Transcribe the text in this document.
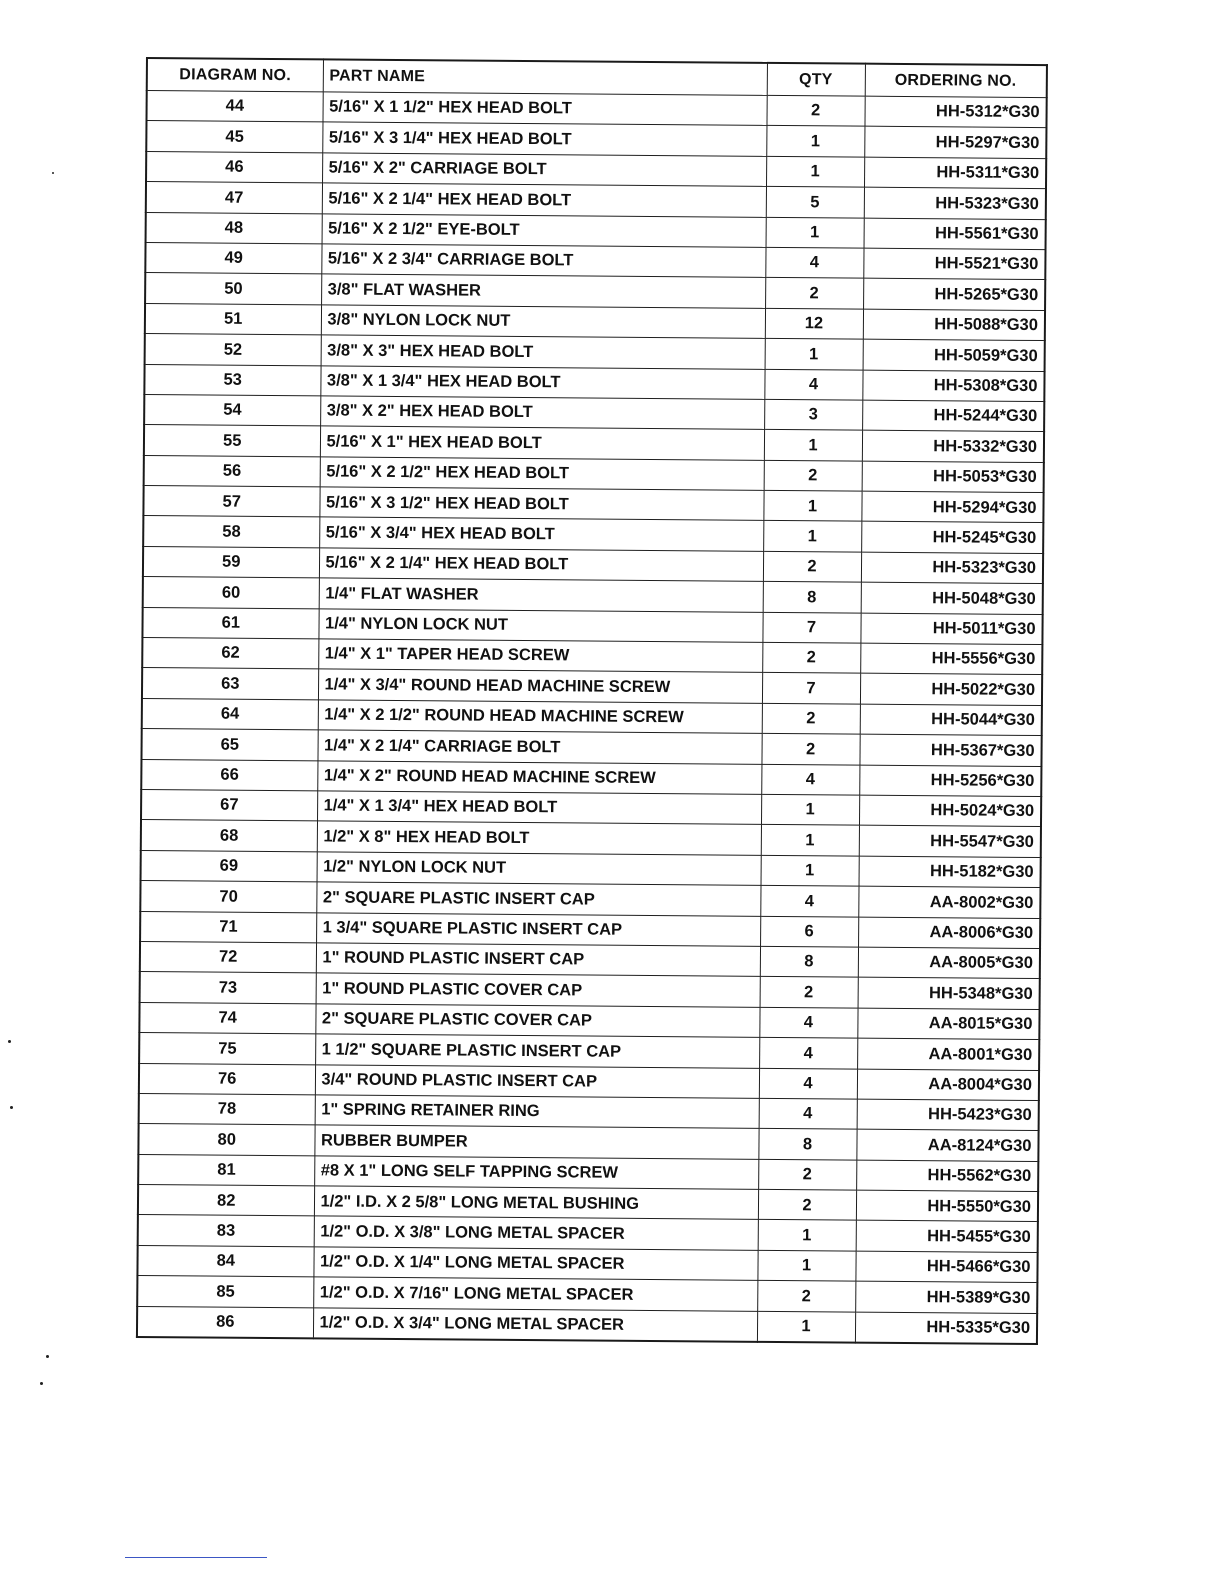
DIAGRAM NO.	PART NAME	QTY	ORDERING NO.
44	5/16" X 1 1/2" HEX HEAD BOLT	2	HH-5312*G30
45	5/16" X 3 1/4" HEX HEAD BOLT	1	HH-5297*G30
46	5/16" X 2" CARRIAGE BOLT	1	HH-5311*G30
47	5/16" X 2 1/4" HEX HEAD BOLT	5	HH-5323*G30
48	5/16" X 2 1/2" EYE-BOLT	1	HH-5561*G30
49	5/16" X 2 3/4" CARRIAGE BOLT	4	HH-5521*G30
50	3/8" FLAT WASHER	2	HH-5265*G30
51	3/8" NYLON LOCK NUT	12	HH-5088*G30
52	3/8" X 3" HEX HEAD BOLT	1	HH-5059*G30
53	3/8" X 1 3/4" HEX HEAD BOLT	4	HH-5308*G30
54	3/8" X 2" HEX HEAD BOLT	3	HH-5244*G30
55	5/16" X 1" HEX HEAD BOLT	1	HH-5332*G30
56	5/16" X 2 1/2" HEX HEAD BOLT	2	HH-5053*G30
57	5/16" X 3 1/2" HEX HEAD BOLT	1	HH-5294*G30
58	5/16" X 3/4" HEX HEAD BOLT	1	HH-5245*G30
59	5/16" X 2 1/4" HEX HEAD BOLT	2	HH-5323*G30
60	1/4" FLAT WASHER	8	HH-5048*G30
61	1/4" NYLON LOCK NUT	7	HH-5011*G30
62	1/4" X 1" TAPER HEAD SCREW	2	HH-5556*G30
63	1/4" X 3/4" ROUND HEAD MACHINE SCREW	7	HH-5022*G30
64	1/4" X 2 1/2" ROUND HEAD MACHINE SCREW	2	HH-5044*G30
65	1/4" X 2 1/4" CARRIAGE BOLT	2	HH-5367*G30
66	1/4" X 2" ROUND HEAD MACHINE SCREW	4	HH-5256*G30
67	1/4" X 1 3/4" HEX HEAD BOLT	1	HH-5024*G30
68	1/2" X 8" HEX HEAD BOLT	1	HH-5547*G30
69	1/2" NYLON LOCK NUT	1	HH-5182*G30
70	2" SQUARE PLASTIC INSERT CAP	4	AA-8002*G30
71	1 3/4" SQUARE PLASTIC INSERT CAP	6	AA-8006*G30
72	1" ROUND PLASTIC INSERT CAP	8	AA-8005*G30
73	1" ROUND PLASTIC COVER CAP	2	HH-5348*G30
74	2" SQUARE PLASTIC COVER CAP	4	AA-8015*G30
75	1 1/2" SQUARE PLASTIC INSERT CAP	4	AA-8001*G30
76	3/4" ROUND PLASTIC INSERT CAP	4	AA-8004*G30
78	1" SPRING RETAINER RING	4	HH-5423*G30
80	RUBBER BUMPER	8	AA-8124*G30
81	#8 X 1" LONG SELF TAPPING SCREW	2	HH-5562*G30
82	1/2" I.D. X 2 5/8" LONG METAL BUSHING	2	HH-5550*G30
83	1/2" O.D. X 3/8" LONG METAL SPACER	1	HH-5455*G30
84	1/2" O.D. X 1/4" LONG METAL SPACER	1	HH-5466*G30
85	1/2" O.D. X 7/16" LONG METAL SPACER	2	HH-5389*G30
86	1/2" O.D. X 3/4" LONG METAL SPACER	1	HH-5335*G30
